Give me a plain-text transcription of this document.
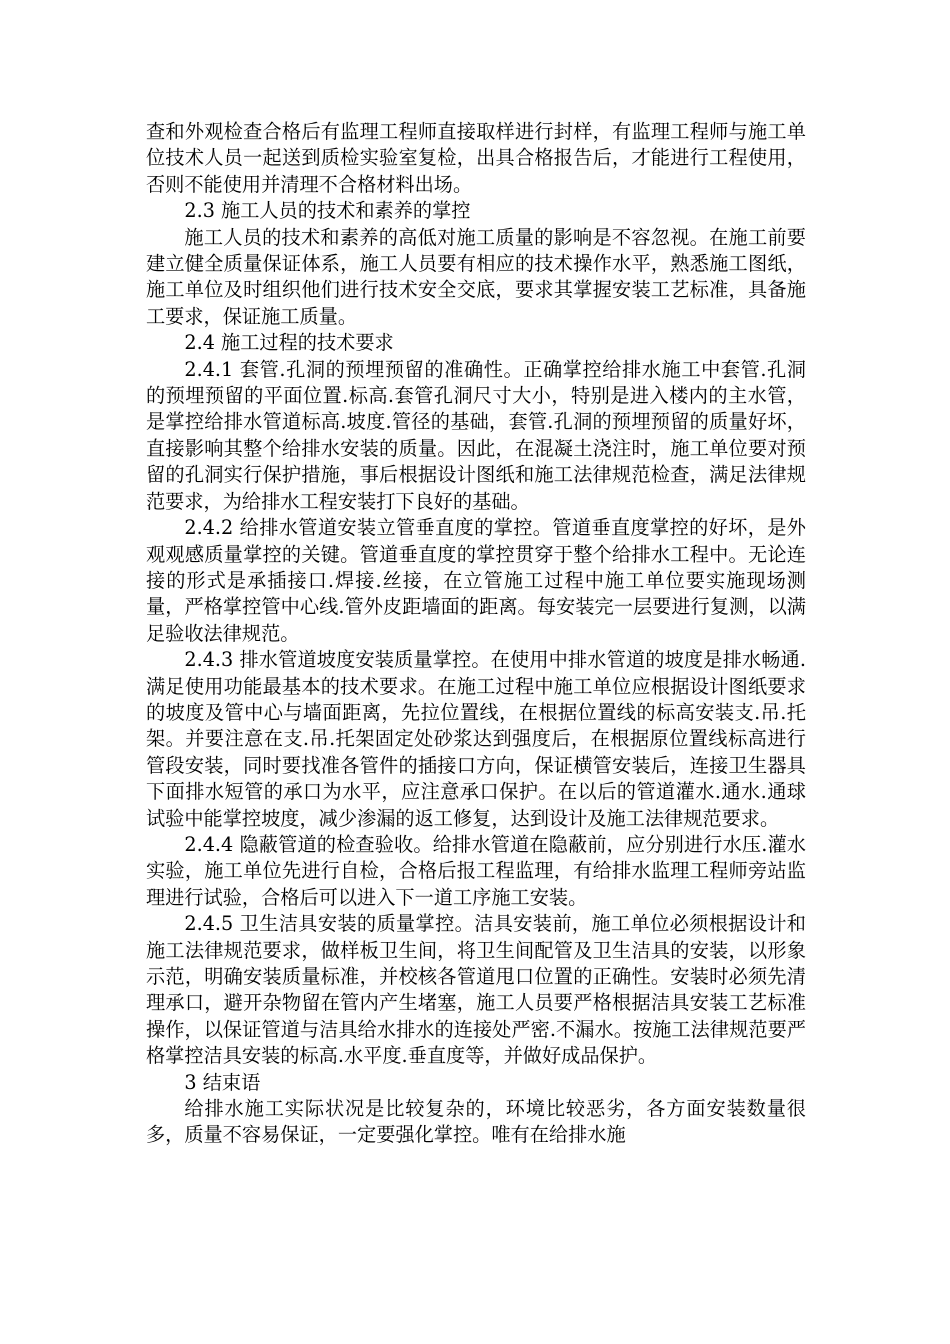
查和外观检查合格后有监理工程师直接取样进行封样，有监理工程师与施工单位技术人员一起送到质检实验室复检，出具合格报告后，才能进行工程使用，否则不能使用并清理不合格材料出场。

2.3 施工人员的技术和素养的掌控

施工人员的技术和素养的高低对施工质量的影响是不容忽视。在施工前要建立健全质量保证体系，施工人员要有相应的技术操作水平，熟悉施工图纸，施工单位及时组织他们进行技术安全交底，要求其掌握安装工艺标准，具备施工要求，保证施工质量。

2.4 施工过程的技术要求

2.4.1 套管.孔洞的预埋预留的准确性。正确掌控给排水施工中套管.孔洞的预埋预留的平面位置.标高.套管孔洞尺寸大小，特别是进入楼内的主水管，是掌控给排水管道标高.坡度.管径的基础，套管.孔洞的预埋预留的质量好坏，直接影响其整个给排水安装的质量。因此，在混凝土浇注时，施工单位要对预留的孔洞实行保护措施，事后根据设计图纸和施工法律规范检查，满足法律规范要求，为给排水工程安装打下良好的基础。

2.4.2 给排水管道安装立管垂直度的掌控。管道垂直度掌控的好坏，是外观观感质量掌控的关键。管道垂直度的掌控贯穿于整个给排水工程中。无论连接的形式是承插接口.焊接.丝接，在立管施工过程中施工单位要实施现场测量，严格掌控管中心线.管外皮距墙面的距离。每安装完一层要进行复测，以满足验收法律规范。

2.4.3 排水管道坡度安装质量掌控。在使用中排水管道的坡度是排水畅通.满足使用功能最基本的技术要求。在施工过程中施工单位应根据设计图纸要求的坡度及管中心与墙面距离，先拉位置线，在根据位置线的标高安装支.吊.托架。并要注意在支.吊.托架固定处砂浆达到强度后，在根据原位置线标高进行管段安装，同时要找准各管件的插接口方向，保证横管安装后，连接卫生器具下面排水短管的承口为水平，应注意承口保护。在以后的管道灌水.通水.通球试验中能掌控坡度，减少渗漏的返工修复，达到设计及施工法律规范要求。

2.4.4 隐蔽管道的检查验收。给排水管道在隐蔽前，应分别进行水压.灌水实验，施工单位先进行自检，合格后报工程监理，有给排水监理工程师旁站监理进行试验，合格后可以进入下一道工序施工安装。

2.4.5 卫生洁具安装的质量掌控。洁具安装前，施工单位必须根据设计和施工法律规范要求，做样板卫生间，将卫生间配管及卫生洁具的安装，以形象示范，明确安装质量标准，并校核各管道甩口位置的正确性。安装时必须先清理承口，避开杂物留在管内产生堵塞，施工人员要严格根据洁具安装工艺标准操作，以保证管道与洁具给水排水的连接处严密.不漏水。按施工法律规范要严格掌控洁具安装的标高.水平度.垂直度等，并做好成品保护。

3 结束语

给排水施工实际状况是比较复杂的，环境比较恶劣，各方面安装数量很多，质量不容易保证，一定要强化掌控。唯有在给排水施
